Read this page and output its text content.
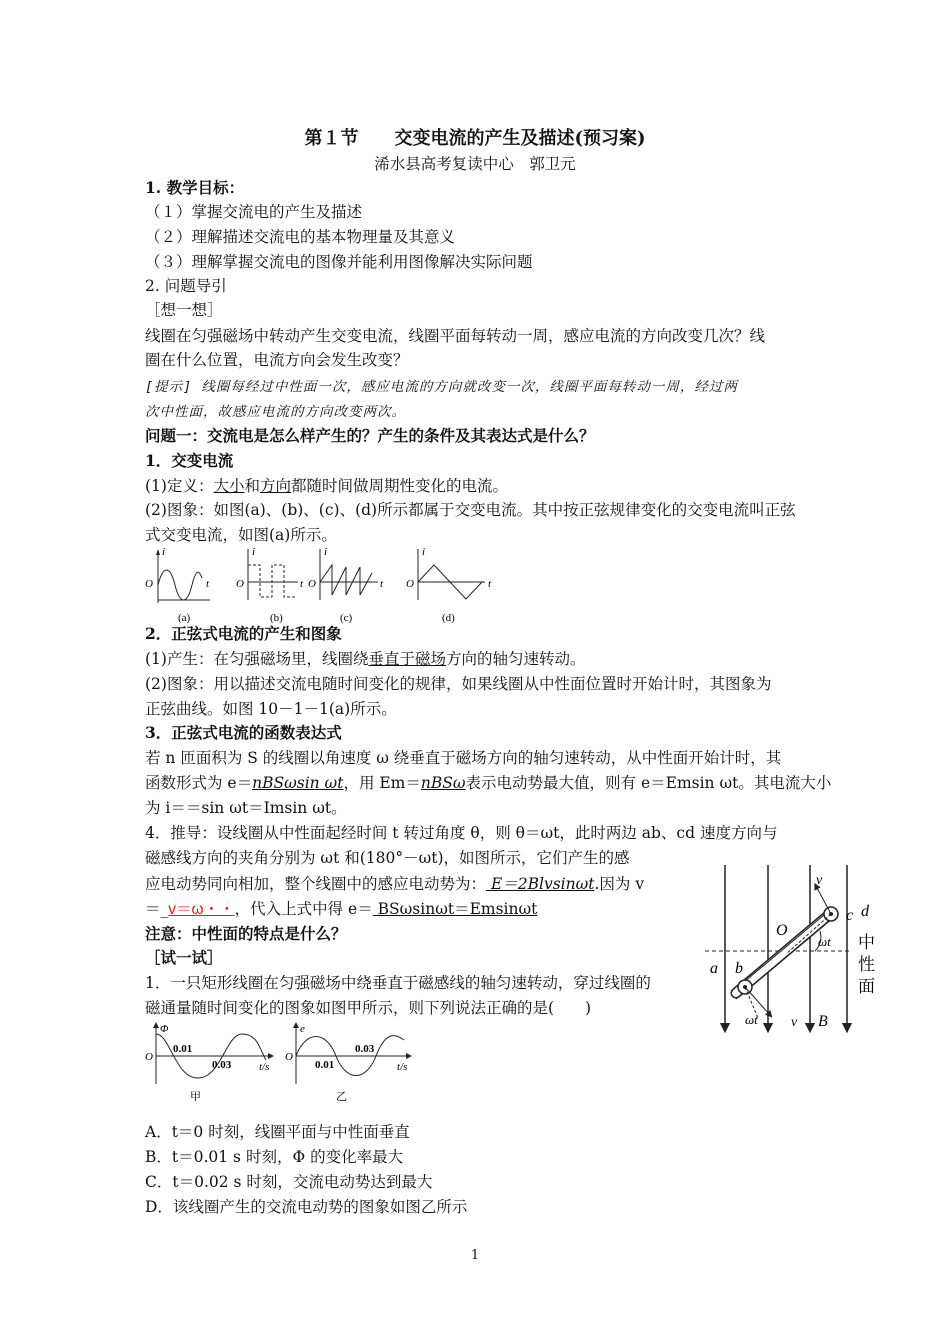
第１节　　 交变电流的产生及描述(预习案)
浠水县高考复读中心　郭卫元
1. 教学目标：
（１）掌握交流电的产生及描述
（２）理解描述交流电的基本物理量及其意义
（３）理解掌握交流电的图像并能利用图像解决实际问题
2. 问题导引
［想一想］
线圈在匀强磁场中转动产生交变电流，线圈平面每转动一周，感应电流的方向改变几次？线
圈在什么位置，电流方向会发生改变？
[提示] 线圈每经过中性面一次，感应电流的方向就改变一次，线圈平面每转动一周，经过两
次中性面，故感应电流的方向改变两次。
问题一：交流电是怎么样产生的？产生的条件及其表达式是什么？
1．交变电流
(1)定义：大小和方向都随时间做周期性变化的电流。
(2)图象：如图(a)、(b)、(c)、(d)所示都属于交变电流。其中按正弦规律变化的交变电流叫正弦
式交变电流，如图(a)所示。
i
t
O
(a)
i
t
O
(b)
i
t
O
(c)
i
t
O
(d)
2．正弦式电流的产生和图象
(1)产生：在匀强磁场里，线圈绕垂直于磁场方向的轴匀速转动。
(2)图象：用以描述交流电随时间变化的规律，如果线圈从中性面位置时开始计时，其图象为
正弦曲线。如图 10－1－1(a)所示。
3．正弦式电流的函数表达式
若 n 匝面积为 S 的线圈以角速度 ω 绕垂直于磁场方向的轴匀速转动，从中性面开始计时，其
函数形式为 e＝nBSωsin ωt，用 Em＝nBSω表示电动势最大值，则有 e＝Emsin ωt。其电流大小
为 i＝＝sin ωt＝Imsin ωt。
4．推导：设线圈从中性面起经时间 t 转过角度 θ，则 θ＝ωt，此时两边 ab、cd 速度方向与
磁感线方向的夹角分别为 ωt 和(180°－ωt)，如图所示，它们产生的感
应电动势同向相加，整个线圈中的感应电动势为： E＝2Blvsinωt.因为 v
＝_v＝ω・・，代入上式中得 e＝ BSωsinωt＝Emsinωt
注意：中性面的特点是什么？
v
c d
O
ωt 中
性
面
a b
ωt v B
［试一试］
1．一只矩形线圈在匀强磁场中绕垂直于磁感线的轴匀速转动，穿过线圈的
磁通量随时间变化的图象如图甲所示，则下列说法正确的是(　　)
Φ
O
0.01
0.03	t/s
甲
e
O
0.01
0.03
t/s
乙
A．t＝0 时刻，线圈平面与中性面垂直
B．t＝0.01 s 时刻，Φ 的变化率最大
C．t＝0.02 s 时刻，交流电动势达到最大
D．该线圈产生的交流电动势的图象如图乙所示
1
